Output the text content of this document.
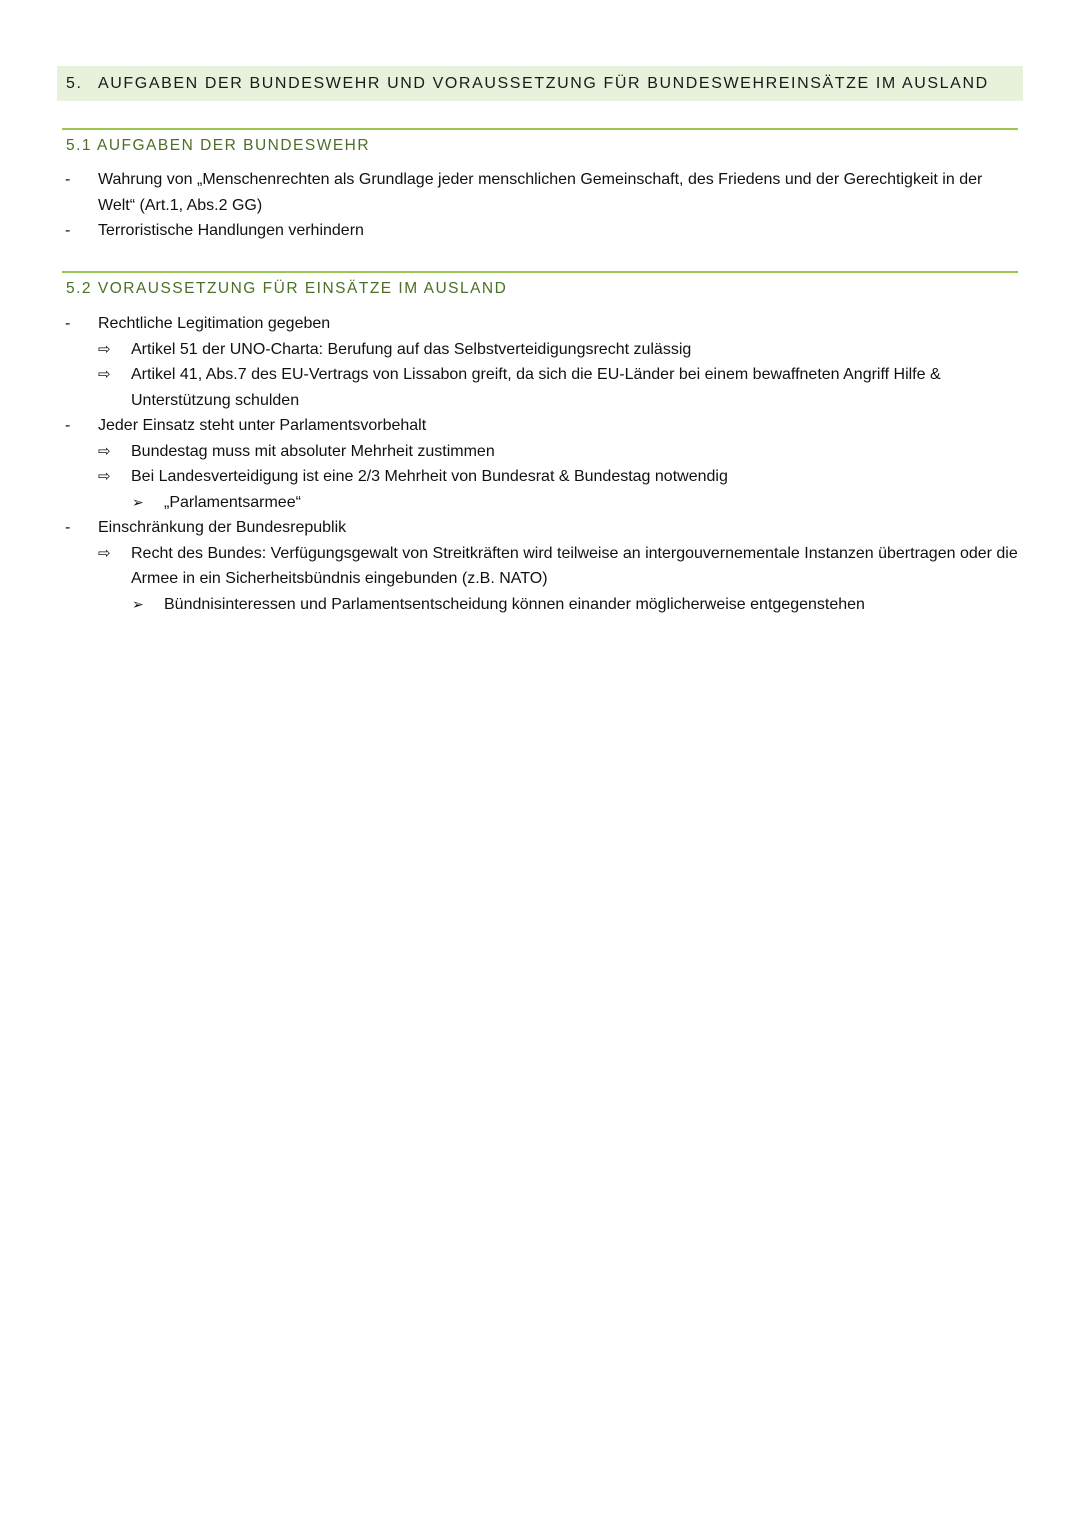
5. AUFGABEN DER BUNDESWEHR UND VORAUSSETZUNG FÜR BUNDESWEHREINSÄTZE IM AUSLAND
5.1 AUFGABEN DER BUNDESWEHR
- Wahrung von „Menschenrechten als Grundlage jeder menschlichen Gemeinschaft, des Friedens und der Gerechtigkeit in der Welt“ (Art.1, Abs.2 GG)
- Terroristische Handlungen verhindern
5.2 VORAUSSETZUNG FÜR EINSÄTZE IM AUSLAND
- Rechtliche Legitimation gegeben
⇨ Artikel 51 der UNO-Charta: Berufung auf das Selbstverteidigungsrecht zulässig
⇨ Artikel 41, Abs.7 des EU-Vertrags von Lissabon greift, da sich die EU-Länder bei einem bewaffneten Angriff Hilfe & Unterstützung schulden
- Jeder Einsatz steht unter Parlamentsvorbehalt
⇨ Bundestag muss mit absoluter Mehrheit zustimmen
⇨ Bei Landesverteidigung ist eine 2/3 Mehrheit von Bundesrat & Bundestag notwendig
➢ „Parlamentsarmee“
- Einschränkung der Bundesrepublik
⇨ Recht des Bundes: Verfügungsgewalt von Streitkräften wird teilweise an intergouvernementale Instanzen übertragen oder die Armee in ein Sicherheitsbündnis eingebunden (z.B. NATO)
➢ Bündnisinteressen und Parlamentsentscheidung können einander möglicherweise entgegenstehen
